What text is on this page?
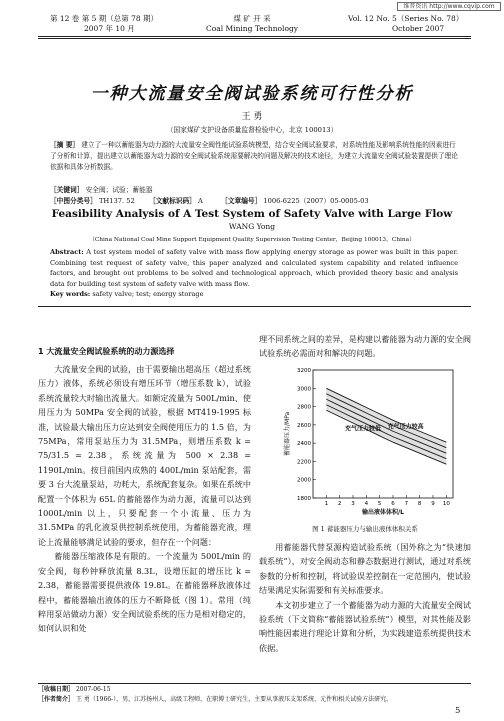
维普资讯 http://www.cqvip.com
第 12 卷 第 5 期（总第 78 期）
2007 年 10 月
煤 矿 开 采
Coal Mining Technology
Vol. 12 No. 5（Series No. 78）
October 2007
一种大流量安全阀试验系统可行性分析
王 勇
（国家煤矿支护设备质量监督检验中心，北京 100013）
［摘 要］ 建立了一种以蓄能器为动力源的大流量安全阀性能试验系统模型，结合安全阀试验要求，对系统性能及影响系统性能的因素进行了分析和计算，提出建立以蓄能器为动力源的安全阀试验系统需要解决的问题及解决的技术途径，为建立大流量安全阀试验装置提供了理论依据和具体分析数据。
［关键词］ 安全阀；试验；蓄能器
［中图分类号］ TH137. 52 ［文献标识码］ A	［文章编号］ 1006-6225（2007）05-0005-03
Feasibility Analysis of A Test System of Safety Valve with Large Flow
WANG Yong
（China National Coal Mine Support Equipment Quality Supervision Testing Center，Beijing 100013，China）
Abstract: A test system model of safety valve with mass flow applying energy storage as power was built in this paper. Combining test request of safety valve, this paper analyzed and calculated system capability and related influence factors, and brought out problems to be solved and technological approach, which provided theory basic and analysis data for building test system of safety valve with mass flow.
Key words: safety valve; test; energy storage
1 大流量安全阀试验系统的动力源选择

大流量安全阀的试验，由于需要输出超高压（超过系统压力）液体，系统必须设有增压环节（增压系数 k），试验系统流量较大时输出流量大。如额定流量为 500L/min、使用压力为 50MPa 安全阀的试验，根据 MT419-1995 标准，试验最大输出压力应达到安全阀使用压力的 1.5 倍，为 75MPa，常用泵站压力为 31.5MPa，则增压系数 k = 75/31.5 = 2.38，系统流量为 500 × 2.38 = 1190L/min。按目前国内成熟的 400L/min 泵站配套，需要 3 台大流量泵站，功耗大，系统配套复杂。如果在系统中配置一个体积为 65L 的蓄能器作为动力源，流量可以达到 1000L/min 以上，只要配套一个小流量、压力为 31.5MPa 的乳化液泵供控制系统使用，为蓄能器充液，理论上流量能够满足试验的要求，但存在一个问题：

蓄能器压缩液体是有限的。一个流量为 500L/min 的安全阀，每秒钟释放流量 8.3L，设增压缸的增压比 k = 2.38，蓄能器需要提供液体 19.8L。在蓄能器释放液体过程中，蓄能器输出液体的压力不断降低（图 1）。常用（纯粹用泵站做动力源）安全阀试验系统的压力是相对稳定的，如何认识和处

理不同系统之间的差异，是构建以蓄能器为动力源的安全阀试验系统必需面对和解决的问题。

1 2 3 4 5 6 7 8 9 10
1800
2000
2200
2400
2600
2800
3000
3200
蓄能器压力/MPa
输出液体体积/L
充气压力较高
充气压力较低
图 1 蓄能器压力与输出液体体积关系

用蓄能器代替泵源构造试验系统（国外称之为“快速加载系统”），对安全阀动态和静态数据进行测试，通过对系统参数的分析和控制，将试验误差控制在一定范围内，使试验结果满足实际需要和有关标准要求。

本文初步建立了一个蓄能器为动力源的大流量安全阀试验系统（下文简称“蓄能器试验系统”）模型，对其性能及影响性能因素进行理论计算和分析，为实践建造系统提供技术依据。

［收稿日期］ 2007-06-15
［作者简介］ 王 勇（1966-），男，江苏扬州人，高级工程师，在职博士研究生，主要从事液压支架系统、元件和相关试验方法研究。
5
